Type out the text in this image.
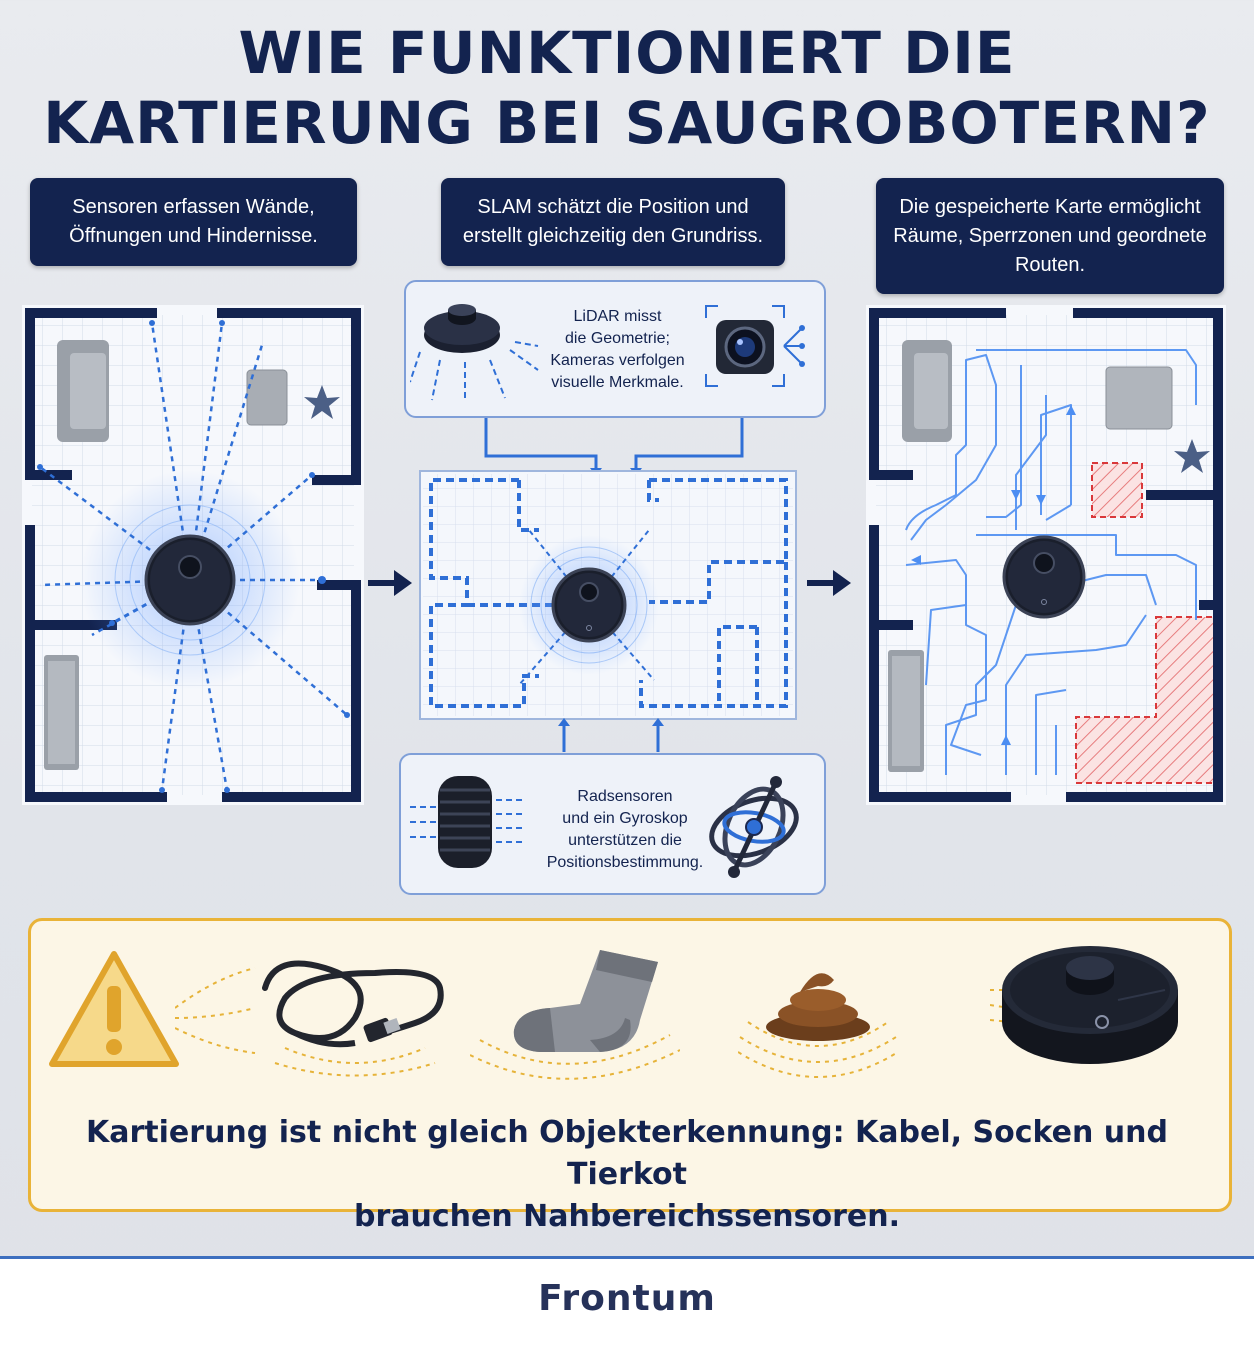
WIE FUNKTIONIERT DIE
KARTIERUNG BEI SAUGROBOTERN?
Sensoren erfassen Wände,
Öffnungen und Hindernisse.
SLAM schätzt die Position und
erstellt gleichzeitig den Grundriss.
Die gespeicherte Karte ermöglicht
Räume, Sperrzonen und geordnete
Routen.
LiDAR misst
die Geometrie;
Kameras verfolgen
visuelle Merkmale.
Radsensoren
und ein Gyroskop
unterstützen die
Positionsbestimmung.
Kartierung ist nicht gleich Objekterkennung: Kabel, Socken und Tierkot
brauchen Nahbereichssensoren.
Frontum
